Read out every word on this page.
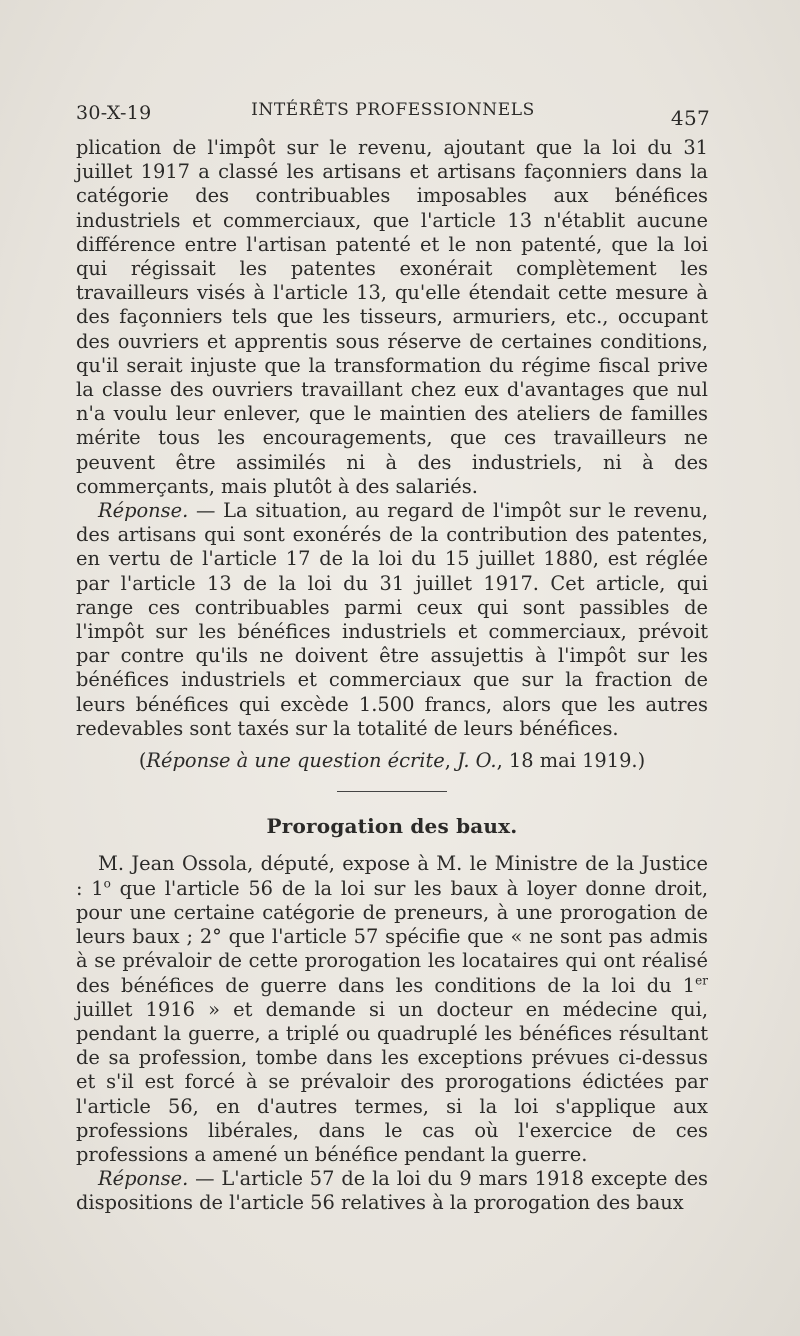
30-X-19	INTÉRÊTS PROFESSIONNELS	457

plication de l'impôt sur le revenu, ajoutant que la loi du 31 juillet 1917 a classé les artisans et artisans façonniers dans la catégorie des contribuables imposables aux bénéfices industriels et commerciaux, que l'article 13 n'établit aucune différence entre l'artisan patenté et le non patenté, que la loi qui régissait les patentes exonérait complètement les travailleurs visés à l'article 13, qu'elle étendait cette mesure à des façonniers tels que les tisseurs, armuriers, etc., occupant des ouvriers et apprentis sous réserve de certaines conditions, qu'il serait injuste que la transformation du régime fiscal prive la classe des ouvriers travaillant chez eux d'avantages que nul n'a voulu leur enlever, que le maintien des ateliers de familles mérite tous les encouragements, que ces travailleurs ne peuvent être assimilés ni à des industriels, ni à des commerçants, mais plutôt à des salariés.

Réponse. — La situation, au regard de l'impôt sur le revenu, des artisans qui sont exonérés de la contribution des patentes, en vertu de l'article 17 de la loi du 15 juillet 1880, est réglée par l'article 13 de la loi du 31 juillet 1917. Cet article, qui range ces contribuables parmi ceux qui sont passibles de l'impôt sur les bénéfices industriels et commerciaux, prévoit par contre qu'ils ne doivent être assujettis à l'impôt sur les bénéfices industriels et commerciaux que sur la fraction de leurs bénéfices qui excède 1.500 francs, alors que les autres redevables sont taxés sur la totalité de leurs bénéfices.

(Réponse à une question écrite, J. O., 18 mai 1919.)

Prorogation des baux.

M. Jean Ossola, député, expose à M. le Ministre de la Justice : 1$^o$ que l'article 56 de la loi sur les baux à loyer donne droit, pour une certaine catégorie de preneurs, à une prorogation de leurs baux ; 2° que l'article 57 spécifie que « ne sont pas admis à se prévaloir de cette prorogation les locataires qui ont réalisé des bénéfices de guerre dans les conditions de la loi du 1er juillet 1916 » et demande si un docteur en médecine qui, pendant la guerre, a triplé ou quadruplé les bénéfices résultant de sa profession, tombe dans les exceptions prévues ci-dessus et s'il est forcé à se prévaloir des prorogations édictées par l'article 56, en d'autres termes, si la loi s'applique aux professions libérales, dans le cas où l'exercice de ces professions a amené un bénéfice pendant la guerre.

Réponse. — L'article 57 de la loi du 9 mars 1918 excepte des dispositions de l'article 56 relatives à la prorogation des baux
